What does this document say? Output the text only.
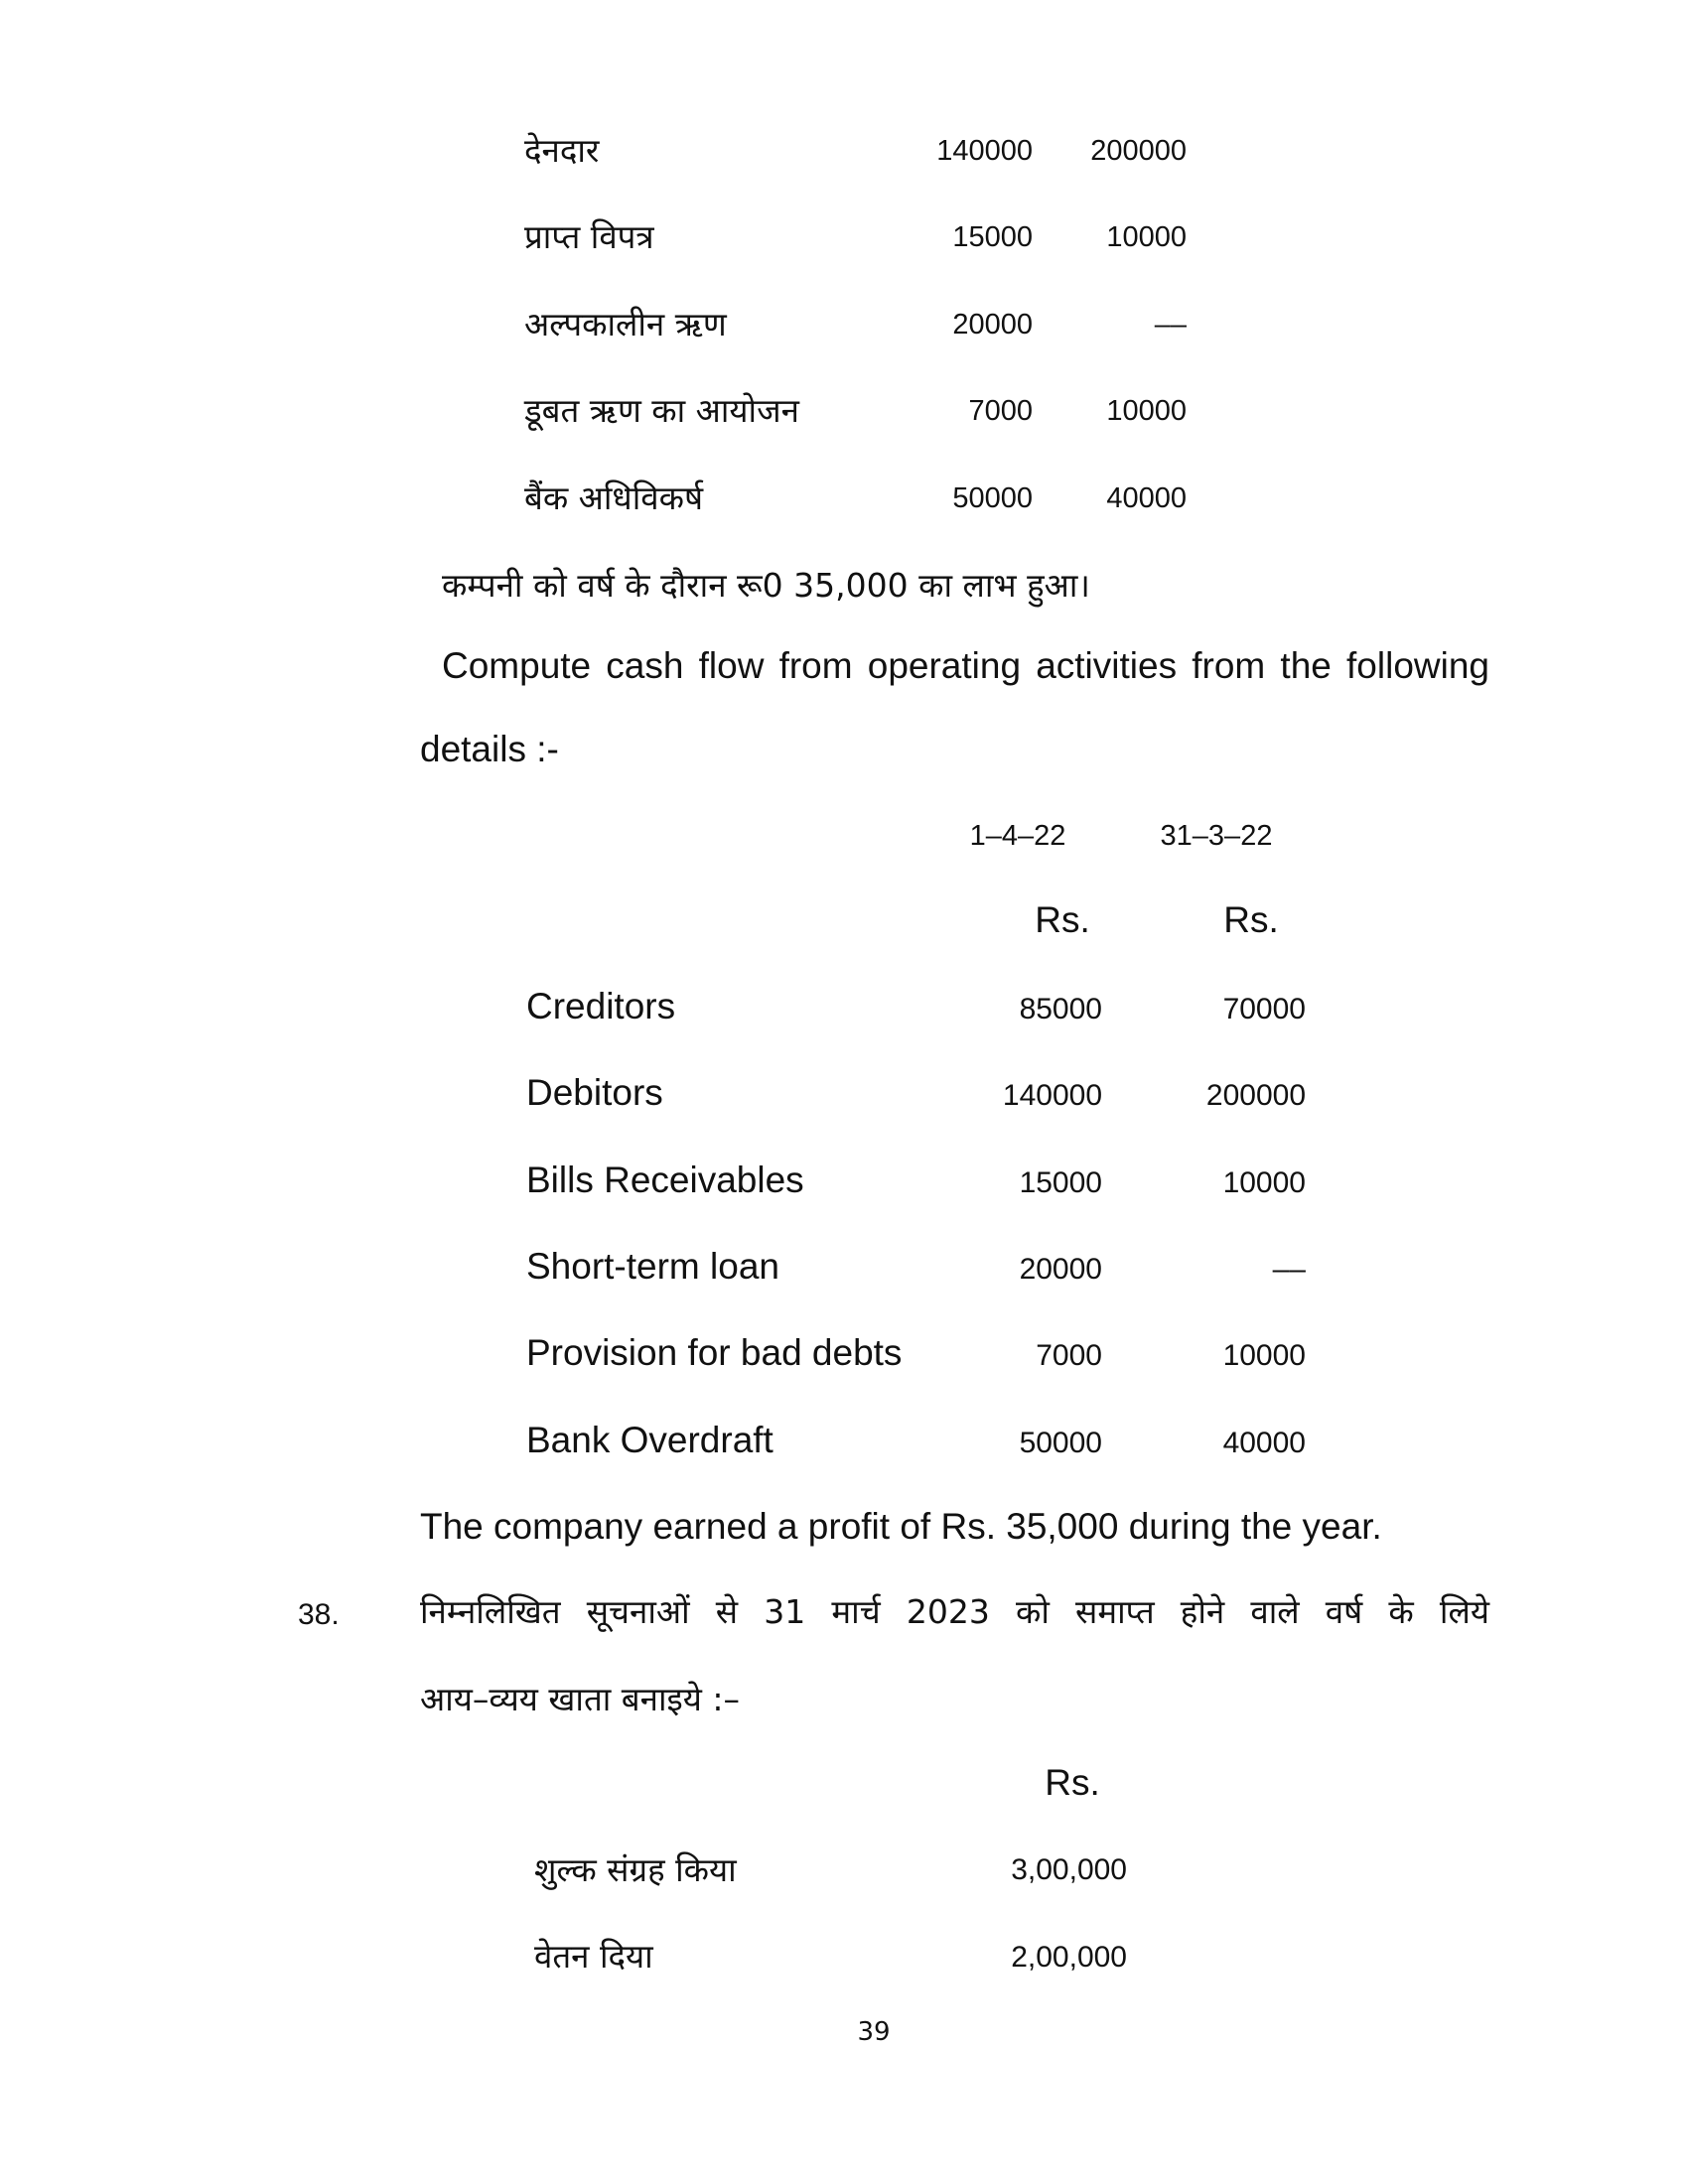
देनदार	140000	200000
प्राप्त विपत्र	15000	10000
अल्पकालीन ऋण	20000	––
डूबत ऋण का आयोजन	7000	10000
बैंक अधिविकर्ष	50000	40000
कम्पनी को वर्ष के दौरान रू0 35,000 का लाभ हुआ।
Compute cash flow from operating activities from the following
details :-
1–4–22	31–3–22
Rs.	Rs.
Creditors	85000	70000
Debitors	140000	200000
Bills Receivables	15000	10000
Short-term loan	20000	––
Provision for bad debts	7000	10000
Bank Overdraft	50000	40000
The company earned a profit of Rs. 35,000 during the year.
38.	निम्नलिखित सूचनाओं से 31 मार्च 2023 को समाप्त होने वाले वर्ष के लिये
आय–व्यय खाता बनाइये :–
Rs.
शुल्क संग्रह किया	3,00,000
वेतन दिया	2,00,000
39
